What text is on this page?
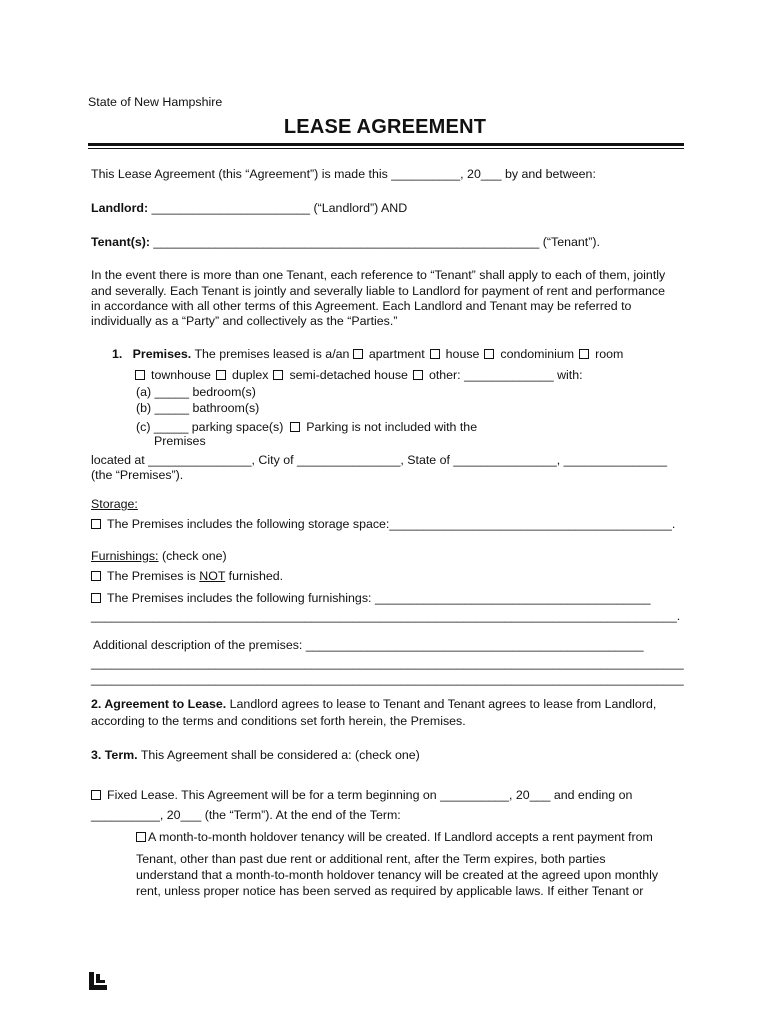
State of New Hampshire
LEASE AGREEMENT
This Lease Agreement (this “Agreement”) is made this __________, 20___ by and between:
Landlord: _______________________ (“Landlord”) AND
Tenant(s): ________________________________________________________ (“Tenant”).
In the event there is more than one Tenant, each reference to “Tenant” shall apply to each of them, jointly
and severally. Each Tenant is jointly and severally liable to Landlord for payment of rent and performance
in accordance with all other terms of this Agreement. Each Landlord and Tenant may be referred to
individually as a “Party” and collectively as the “Parties.”
1. Premises. The premises leased is a/an apartment house condominium room
townhouse duplex semi-detached house other: _____________ with:
(a) _____ bedroom(s)
(b) _____ bathroom(s)
(c) _____ parking space(s) Parking is not included with the
Premises
located at _______________, City of _______________, State of _______________, _______________
(the “Premises”).
Storage:
The Premises includes the following storage space:_________________________________________.
Furnishings: (check one)
The Premises is NOT furnished.
The Premises includes the following furnishings: ________________________________________
_____________________________________________________________________________________.
Additional description of the premises: _________________________________________________
______________________________________________________________________________________
______________________________________________________________________________________
2. Agreement to Lease. Landlord agrees to lease to Tenant and Tenant agrees to lease from Landlord,
according to the terms and conditions set forth herein, the Premises.
3. Term. This Agreement shall be considered a: (check one)
Fixed Lease. This Agreement will be for a term beginning on __________, 20___ and ending on
__________, 20___ (the “Term”). At the end of the Term:
A month-to-month holdover tenancy will be created. If Landlord accepts a rent payment from
Tenant, other than past due rent or additional rent, after the Term expires, both parties
understand that a month-to-month holdover tenancy will be created at the agreed upon monthly
rent, unless proper notice has been served as required by applicable laws. If either Tenant or
